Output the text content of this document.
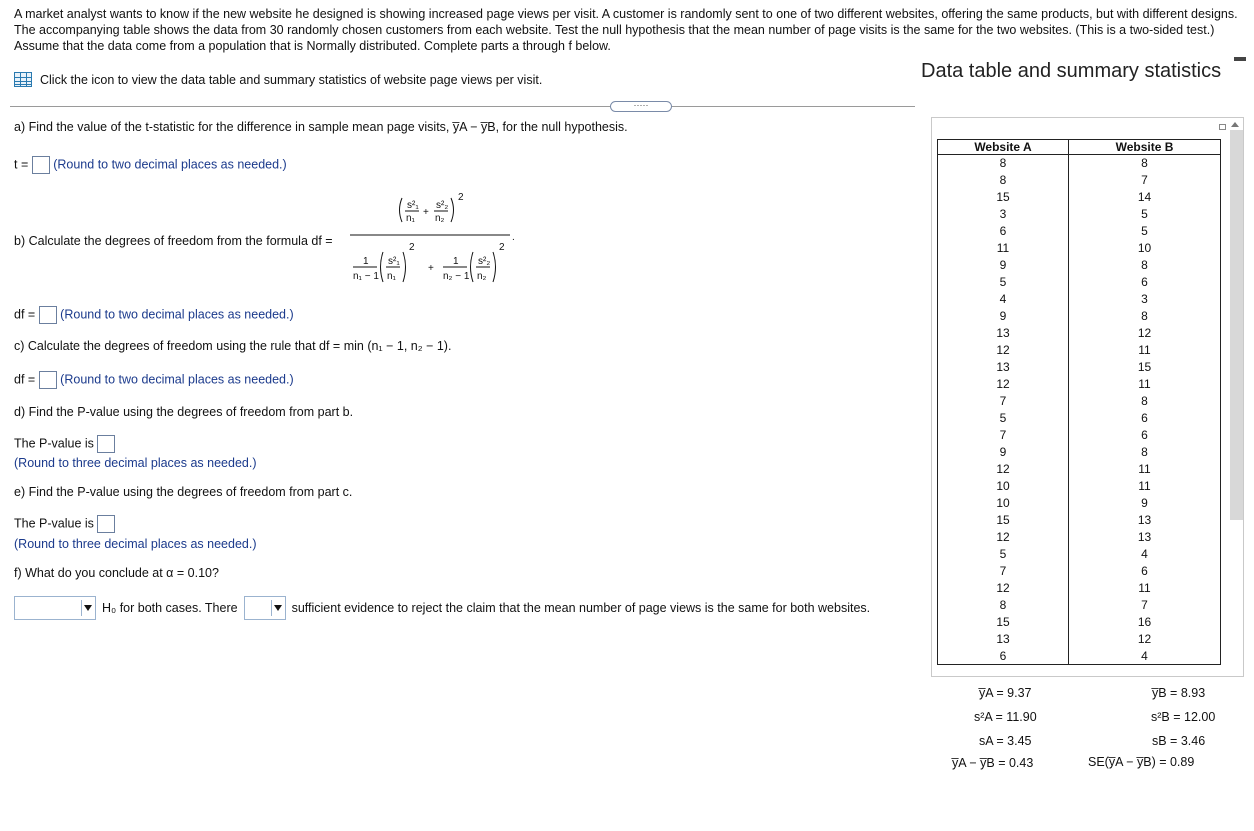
A market analyst wants to know if the new website he designed is showing increased page views per visit. A customer is randomly sent to one of two different websites, offering the same products, but with different designs. The accompanying table shows the data from 30 randomly chosen customers from each website. Test the null hypothesis that the mean number of page visits is the same for the two websites. (This is a two-sided test.) Assume that the data come from a population that is Normally distributed. Complete parts a through f below.
Click the icon to view the data table and summary statistics of website page views per visit.
·····
a) Find the value of the t-statistic for the difference in sample mean page visits, y̅A − y̅B, for the null hypothesis.
t = (Round to two decimal places as needed.)
b) Calculate the degrees of freedom from the formula df =
s²₁
n₁
+
s²₂
n₂
2
1
n₁ − 1
s²₁
n₁
2
+
1
n₂ − 1
s²₂
n₂
2
.
df = (Round to two decimal places as needed.)
c) Calculate the degrees of freedom using the rule that df = min (n₁ − 1, n₂ − 1).
df = (Round to two decimal places as needed.)
d) Find the P-value using the degrees of freedom from part b.
The P-value is
(Round to three decimal places as needed.)
e) Find the P-value using the degrees of freedom from part c.
The P-value is
(Round to three decimal places as needed.)
f) What do you conclude at α = 0.10?
H₀ for both cases. There	sufficient evidence to reject the claim that the mean number of page views is the same for both websites.
Data table and summary statistics
Website A	Website B
8	8
8	7
15	14
3	5
6	5
11	10
9	8
5	6
4	3
9	8
13	12
12	11
13	15
12	11
7	8
5	6
7	6
9	8
12	11
10	11
10	9
15	13
12	13
5	4
7	6
12	11
8	7
15	16
13	12
6	4
y̅A = 9.37
s²A = 11.90
sA = 3.45
y̅A − y̅B = 0.43
y̅B = 8.93
s²B = 12.00
sB = 3.46
SE(y̅A − y̅B) = 0.89
